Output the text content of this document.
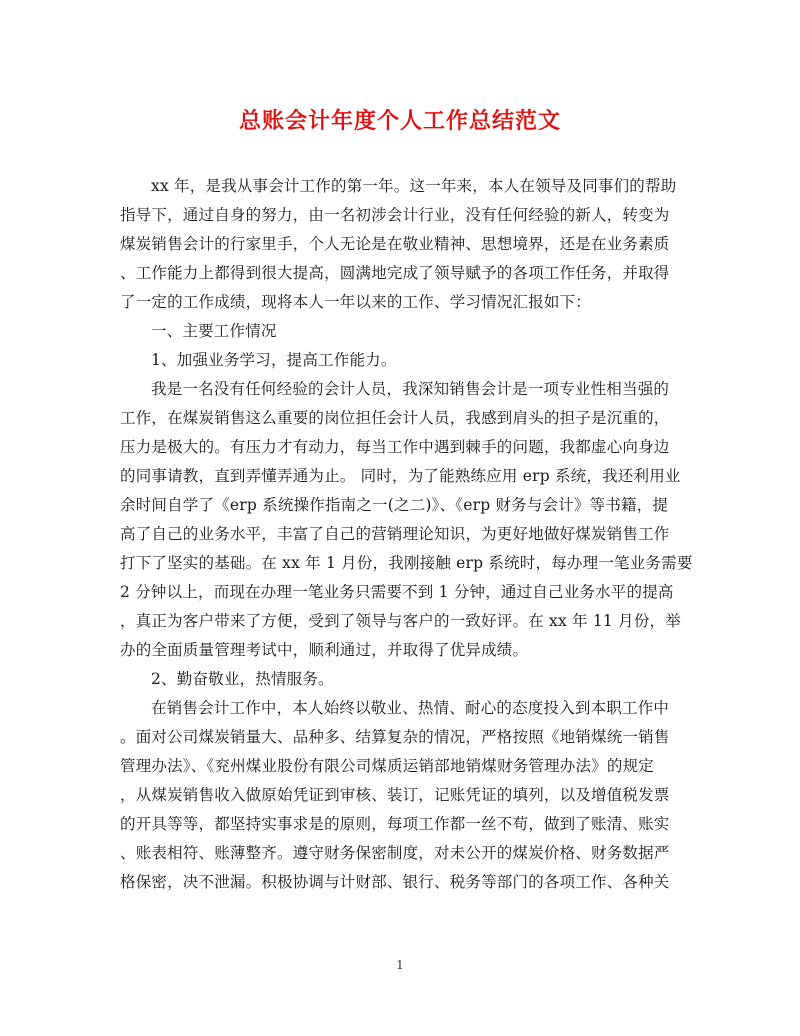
总账会计年度个人工作总结范文
xx 年，是我从事会计工作的第一年。这一年来，本人在领导及同事们的帮助
指导下，通过自身的努力，由一名初涉会计行业，没有任何经验的新人，转变为
煤炭销售会计的行家里手，个人无论是在敬业精神、思想境界，还是在业务素质
、工作能力上都得到很大提高，圆满地完成了领导赋予的各项工作任务，并取得
了一定的工作成绩，现将本人一年以来的工作、学习情况汇报如下：
一、主要工作情况
1、加强业务学习，提高工作能力。
我是一名没有任何经验的会计人员，我深知销售会计是一项专业性相当强的
工作，在煤炭销售这么重要的岗位担任会计人员，我感到肩头的担子是沉重的，
压力是极大的。有压力才有动力，每当工作中遇到棘手的问题，我都虚心向身边
的同事请教，直到弄懂弄通为止。 同时，为了能熟练应用 erp 系统，我还利用业
余时间自学了《erp 系统操作指南之一(之二)》、《erp 财务与会计》等书籍，提
高了自己的业务水平，丰富了自己的营销理论知识，为更好地做好煤炭销售工作
打下了坚实的基础。在 xx 年 1 月份，我刚接触 erp 系统时，每办理一笔业务需要
2 分钟以上，而现在办理一笔业务只需要不到 1 分钟，通过自己业务水平的提高
，真正为客户带来了方便，受到了领导与客户的一致好评。在 xx 年 11 月份，举
办的全面质量管理考试中，顺利通过，并取得了优异成绩。
2、勤奋敬业，热情服务。
在销售会计工作中，本人始终以敬业、热情、耐心的态度投入到本职工作中
。面对公司煤炭销量大、品种多、结算复杂的情况，严格按照《地销煤统一销售
管理办法》、《兖州煤业股份有限公司煤质运销部地销煤财务管理办法》的规定
，从煤炭销售收入做原始凭证到审核、装订，记账凭证的填列，以及增值税发票
的开具等等，都坚持实事求是的原则，每项工作都一丝不苟，做到了账清、账实
、账表相符、账薄整齐。遵守财务保密制度，对未公开的煤炭价格、财务数据严
格保密，决不泄漏。积极协调与计财部、银行、税务等部门的各项工作、各种关
1
